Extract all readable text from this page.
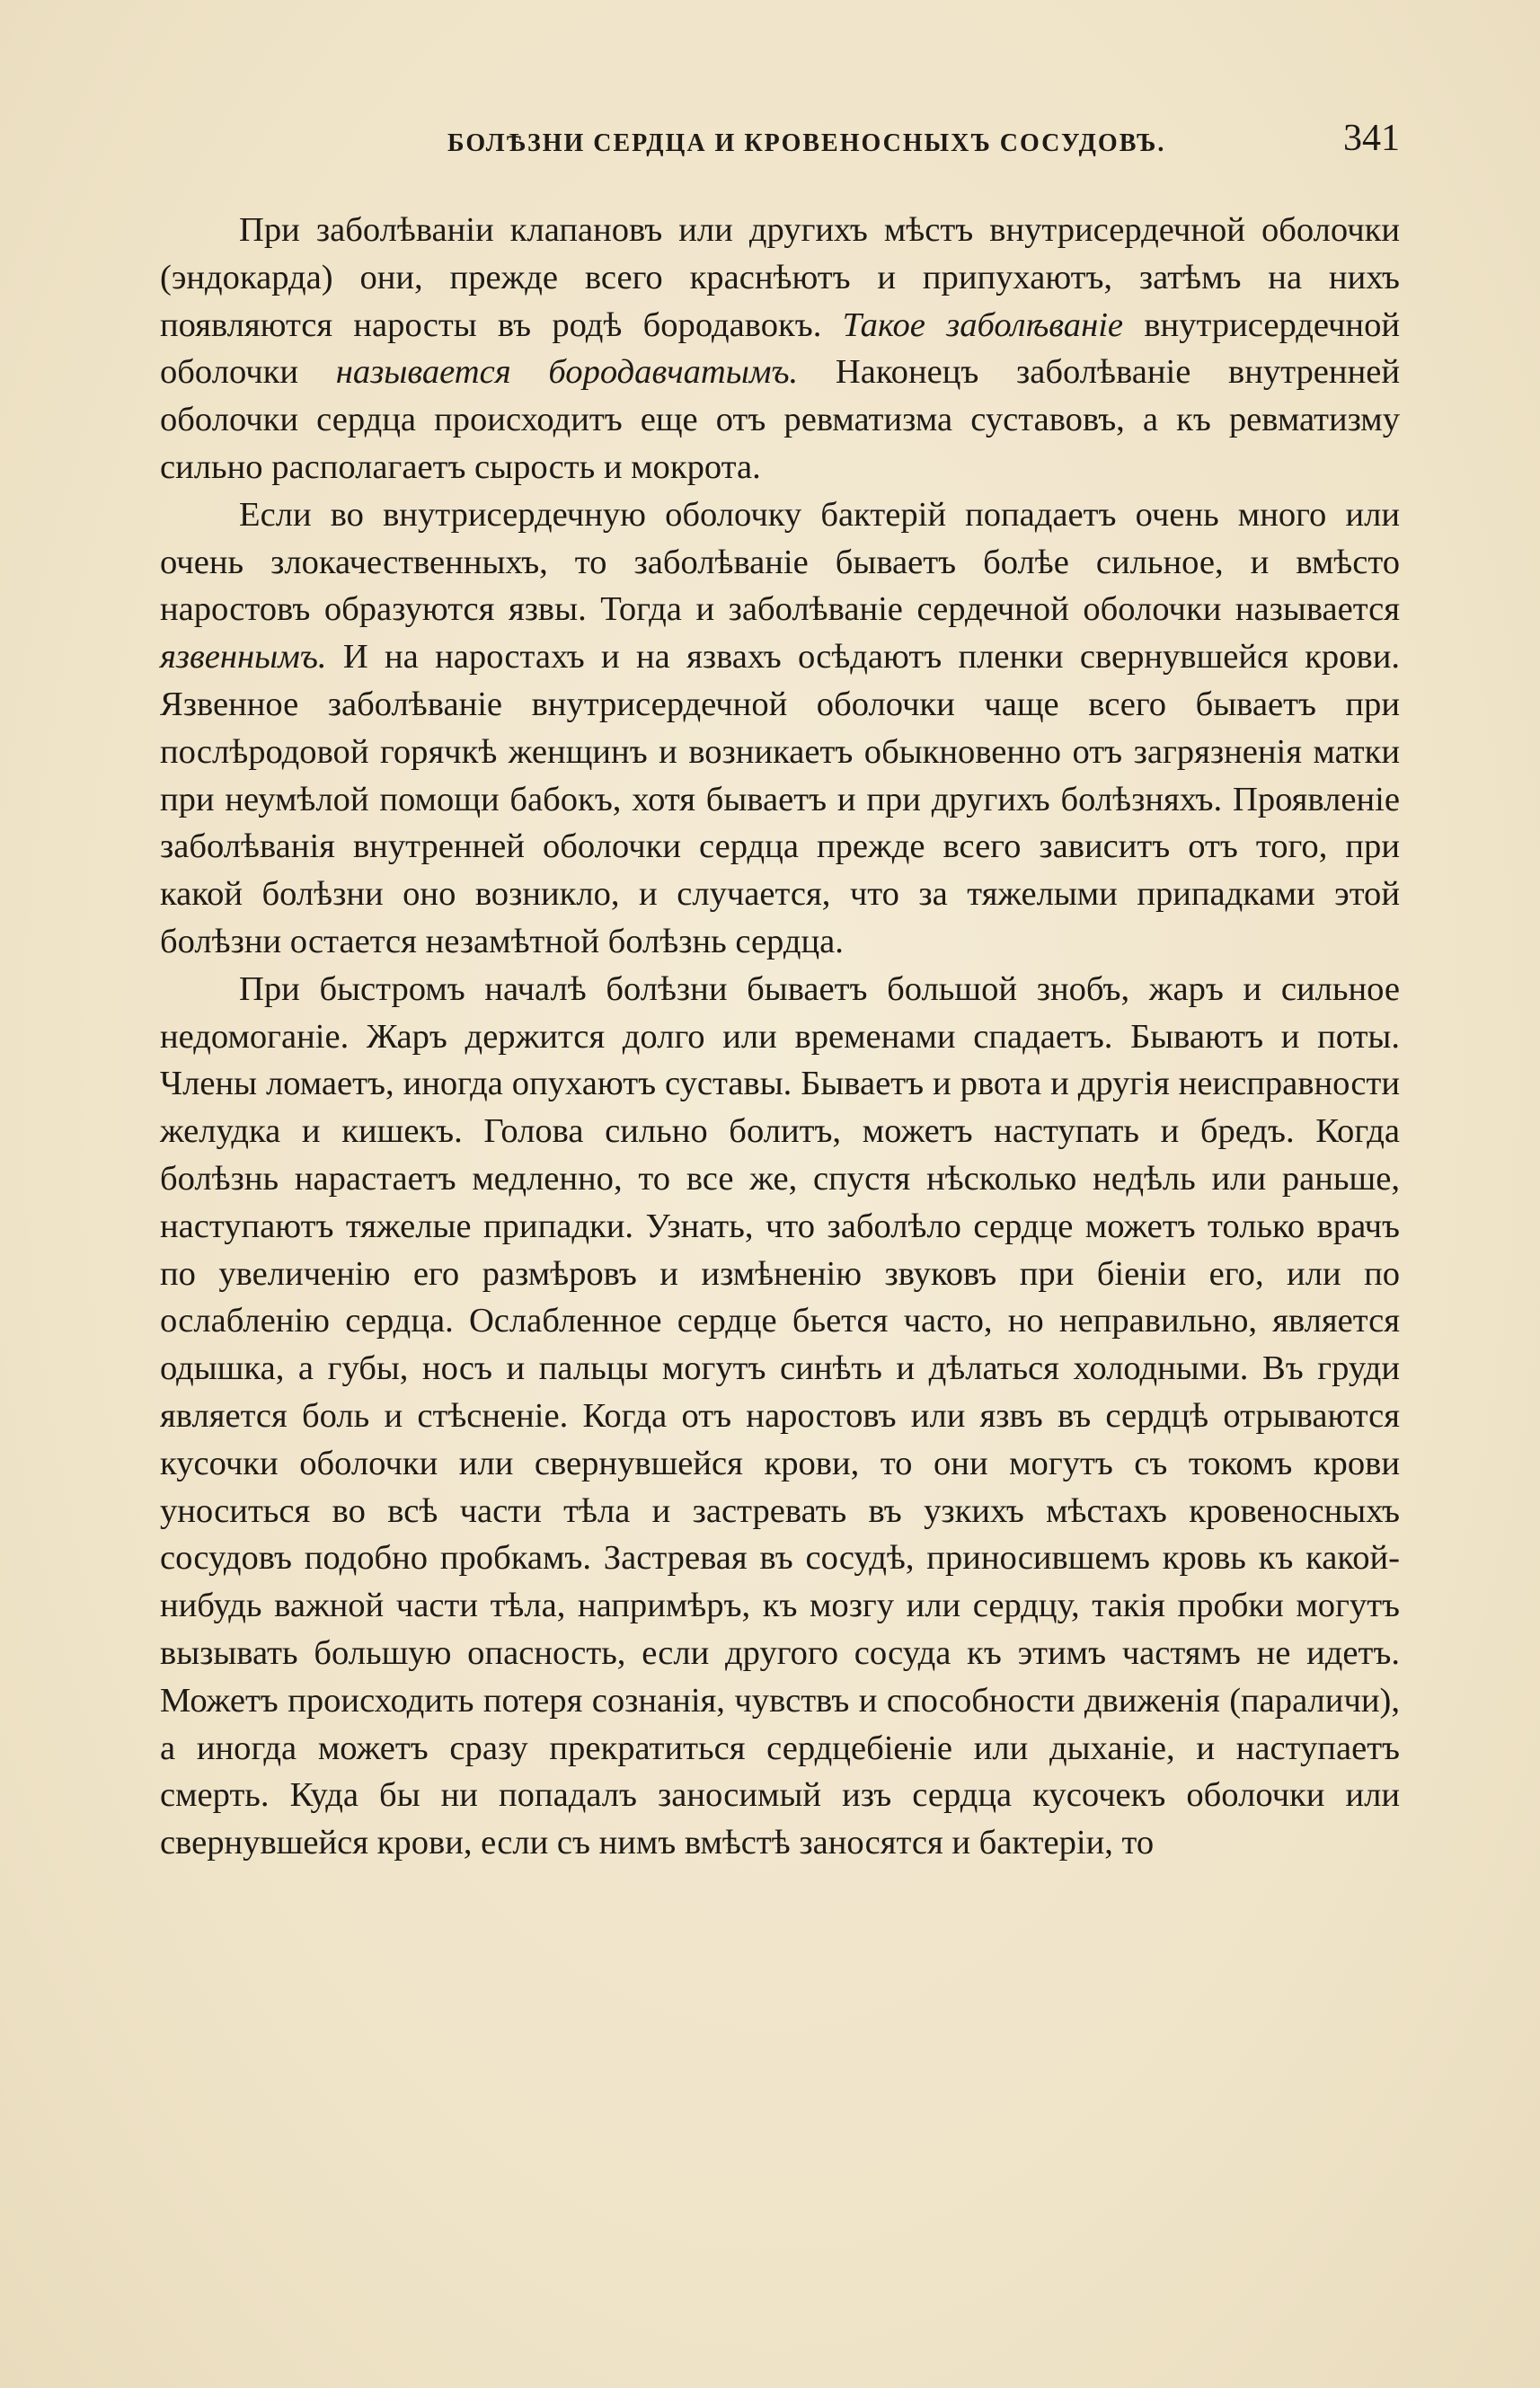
БОЛѢЗНИ СЕРДЦА И КРОВЕНОСНЫХЪ СОСУДОВЪ.	341

При заболѣваніи клапановъ или другихъ мѣстъ внутрисердечной оболочки (эндокарда) они, прежде всего краснѣютъ и припухаютъ, затѣмъ на нихъ появляются наросты въ родѣ бородавокъ. Такое заболѣваніе внутрисердечной оболочки называется бородавчатымъ. Наконецъ заболѣваніе внутренней оболочки сердца происходитъ еще отъ ревматизма суставовъ, а къ ревматизму сильно располагаетъ сырость и мокрота.

Если во внутрисердечную оболочку бактерій попадаетъ очень много или очень злокачественныхъ, то заболѣваніе бываетъ болѣе сильное, и вмѣсто наростовъ образуются язвы. Тогда и заболѣваніе сердечной оболочки называется язвеннымъ. И на наростахъ и на язвахъ осѣдаютъ пленки свернувшейся крови. Язвенное заболѣваніе внутрисердечной оболочки чаще всего бываетъ при послѣродовой горячкѣ женщинъ и возникаетъ обыкновенно отъ загрязненія матки при неумѣлой помощи бабокъ, хотя бываетъ и при другихъ болѣзняхъ. Проявленіе заболѣванія внутренней оболочки сердца прежде всего зависитъ отъ того, при какой болѣзни оно возникло, и случается, что за тяжелыми припадками этой болѣзни остается незамѣтной болѣзнь сердца.

При быстромъ началѣ болѣзни бываетъ большой знобъ, жаръ и сильное недомоганіе. Жаръ держится долго или временами спадаетъ. Бываютъ и поты. Члены ломаетъ, иногда опухаютъ суставы. Бываетъ и рвота и другія неисправности желудка и кишекъ. Голова сильно болитъ, можетъ наступать и бредъ. Когда болѣзнь нарастаетъ медленно, то все же, спустя нѣсколько недѣль или раньше, наступаютъ тяжелые припадки. Узнать, что заболѣло сердце можетъ только врачъ по увеличенію его размѣровъ и измѣненію звуковъ при біеніи его, или по ослабленію сердца. Ослабленное сердце бьется часто, но неправильно, является одышка, а губы, носъ и пальцы могутъ синѣть и дѣлаться холодными. Въ груди является боль и стѣсненіе. Когда отъ наростовъ или язвъ въ сердцѣ отрываются кусочки оболочки или свернувшейся крови, то они могутъ съ токомъ крови уноситься во всѣ части тѣла и застревать въ узкихъ мѣстахъ кровеносныхъ сосудовъ подобно пробкамъ. Застревая въ сосудѣ, приносившемъ кровь къ какой-нибудь важной части тѣла, напримѣръ, къ мозгу или сердцу, такія пробки могутъ вызывать большую опасность, если другого сосуда къ этимъ частямъ не идетъ. Можетъ происходить потеря сознанія, чувствъ и способности движенія (параличи), а иногда можетъ сразу прекратиться сердцебіеніе или дыханіе, и наступаетъ смерть. Куда бы ни попадалъ заносимый изъ сердца кусочекъ оболочки или свернувшейся крови, если съ нимъ вмѣстѣ заносятся и бактеріи, то
